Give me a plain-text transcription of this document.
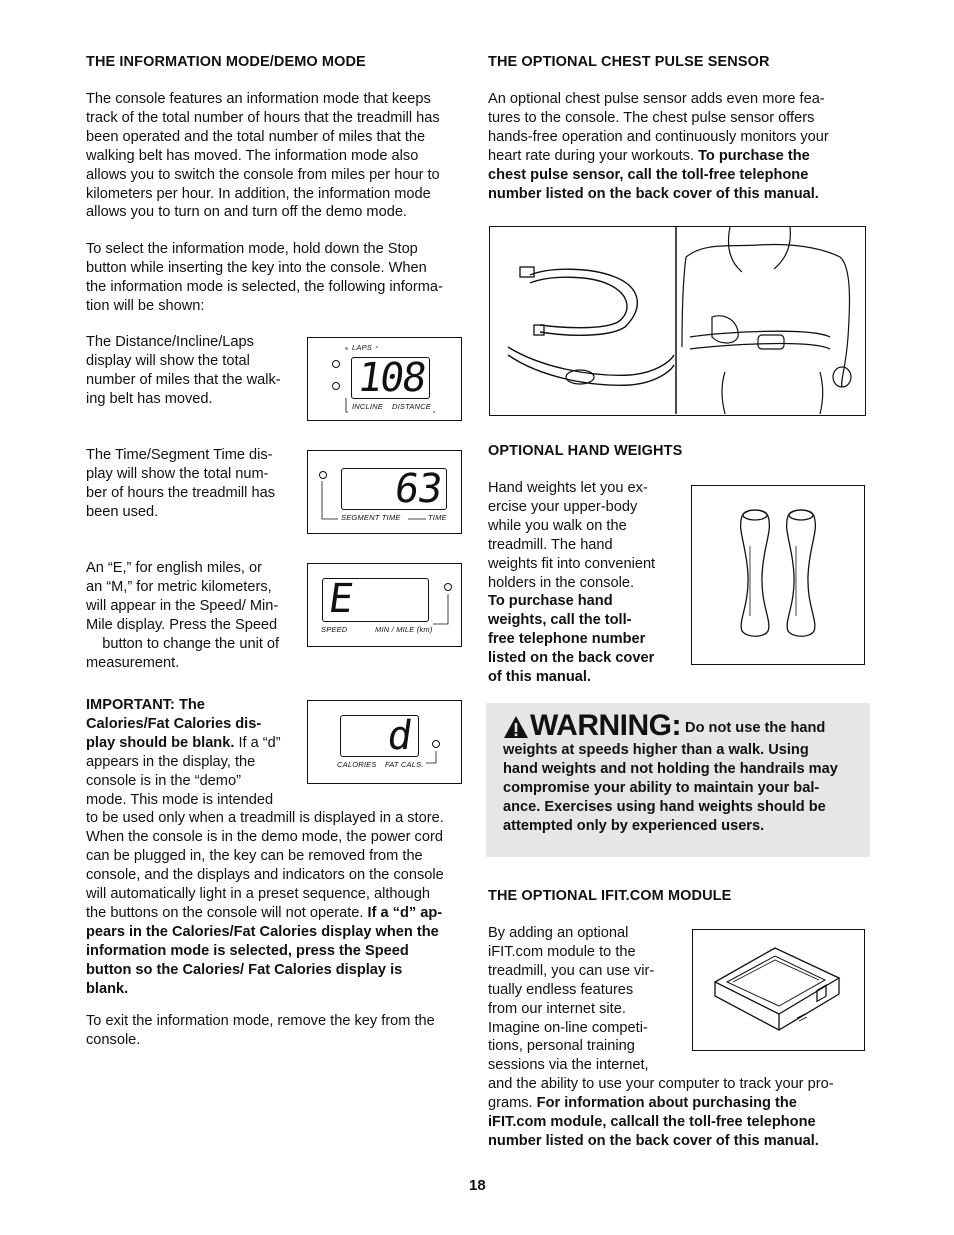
THE INFORMATION MODE/DEMO MODE
The console features an information mode that keeps
track of the total number of hours that the treadmill has
been operated and the total number of miles that the
walking belt has moved. The information mode also
allows you to switch the console from miles per hour to
kilometers per hour. In addition, the information mode
allows you to turn on and turn off the demo mode.
To select the information mode, hold down the Stop
button while inserting the key into the console. When
the information mode is selected, the following informa-
tion will be shown:
The Distance/Incline/Laps
display will show the total
number of miles that the walk-
ing belt has moved.
LAPS
108
INCLINE DISTANCE
The Time/Segment Time dis-
play will show the total num-
ber of hours the treadmill has
been used.	63
SEGMENT TIME	TIME
An “E,” for english miles, or
an “M,” for metric kilometers,
will appear in the Speed/ Min-
Mile display. Press the Speed
button to change the unit of
measurement.
E
SPEED	MIN / MILE (km)
IMPORTANT: The
Calories/Fat Calories dis-
play should be blank. If a “d”
appears in the display, the
console is in the “demo”
mode. This mode is intended
to be used only when a treadmill is displayed in a store.
When the console is in the demo mode, the power cord
can be plugged in, the key can be removed from the
console, and the displays and indicators on the console
will automatically light in a preset sequence, although
the buttons on the console will not operate. If a “d” ap-
pears in the Calories/Fat Calories display when the
information mode is selected, press the Speed
button so the Calories/ Fat Calories display is
blank.
d
CALORIES FAT CALS.
To exit the information mode, remove the key from the
console.
THE OPTIONAL CHEST PULSE SENSOR
An optional chest pulse sensor adds even more fea-
tures to the console. The chest pulse sensor offers
hands-free operation and continuously monitors your
heart rate during your workouts. To purchase the
chest pulse sensor, call the toll-free telephone
number listed on the back cover of this manual.
OPTIONAL HAND WEIGHTS
Hand weights let you ex-
ercise your upper-body
while you walk on the
treadmill. The hand
weights fit into convenient
holders in the console.
To purchase hand
weights, call the toll-
free telephone number
listed on the back cover
of this manual.
WARNING: Do not use the hand
weights at speeds higher than a walk. Using
hand weights and not holding the handrails may
compromise your ability to maintain your bal-
ance. Exercises using hand weights should be
attempted only by experienced users.
THE OPTIONAL IFIT.COM MODULE
By adding an optional
iFIT.com module to the
treadmill, you can use vir-
tually endless features
from our internet site.
Imagine on-line competi-
tions, personal training
sessions via the internet,
and the ability to use your computer to track your pro-
grams. For information about purchasing the
iFIT.com module, callcall the toll-free telephone
number listed on the back cover of this manual.
18
